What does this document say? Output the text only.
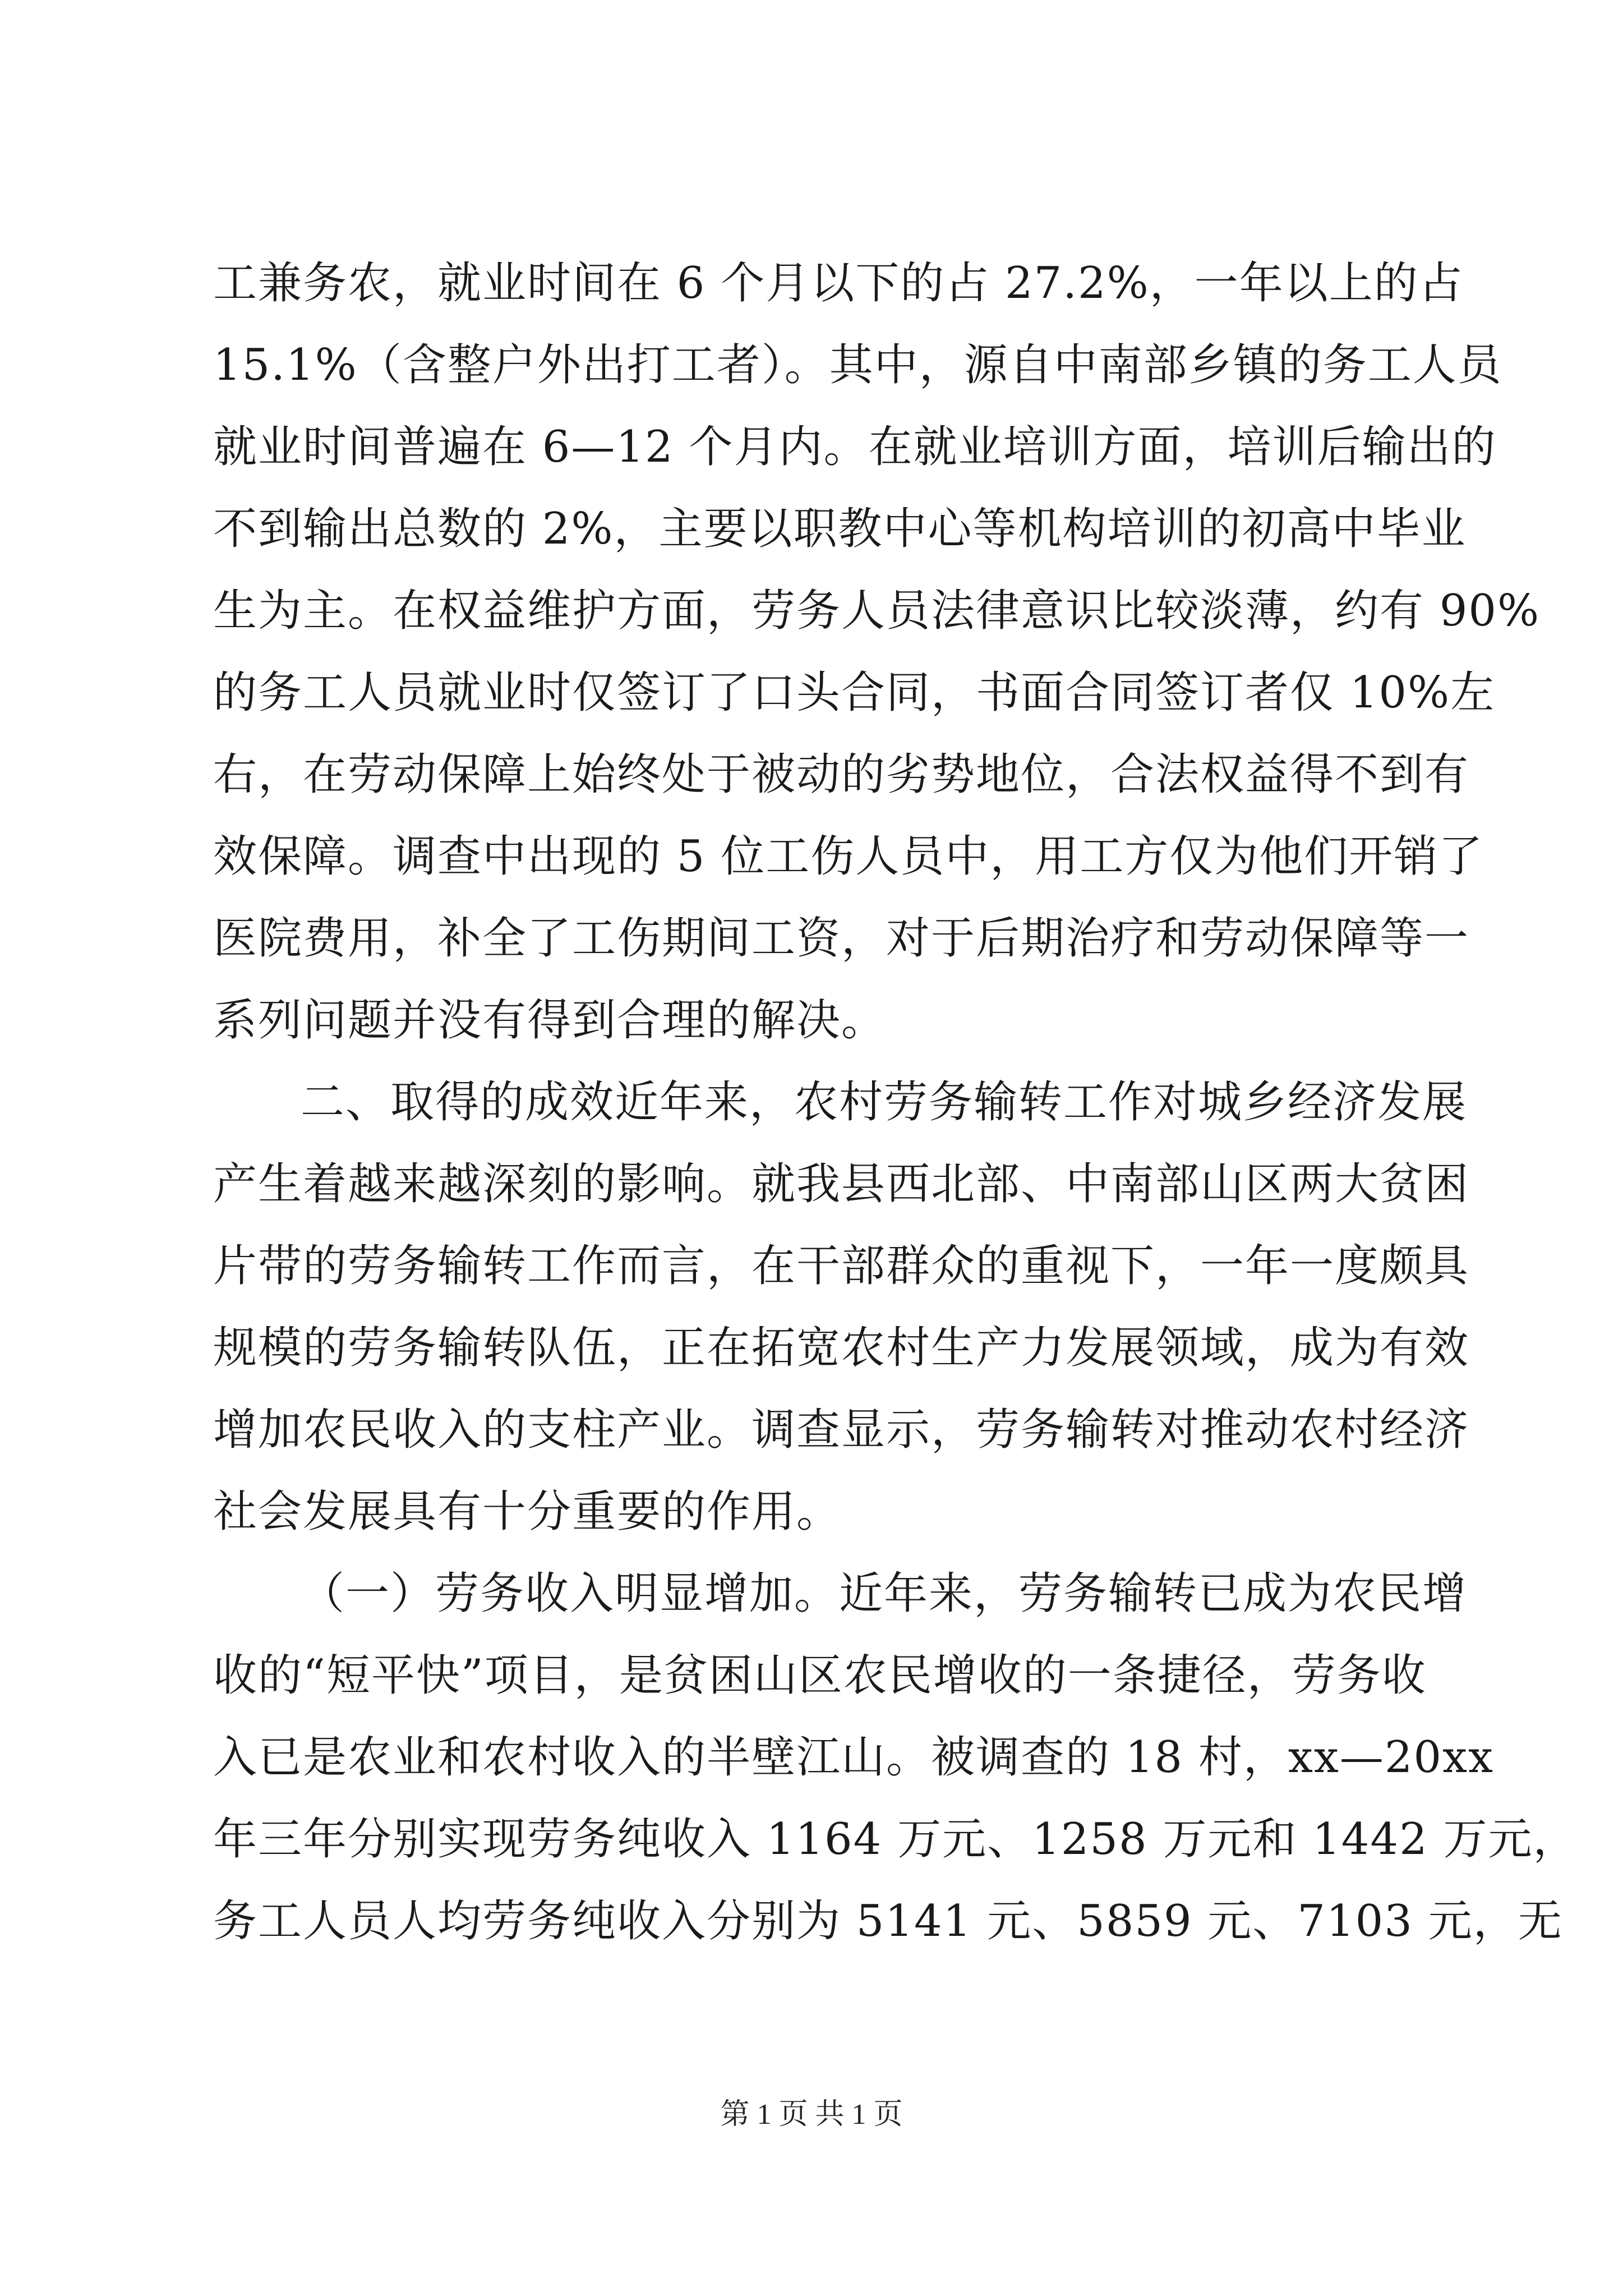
工兼务农，就业时间在 6 个月以下的占 27.2%，一年以上的占
15.1%（含整户外出打工者）。其中，源自中南部乡镇的务工人员
就业时间普遍在 6—12 个月内。在就业培训方面，培训后输出的
不到输出总数的 2%，主要以职教中心等机构培训的初高中毕业
生为主。在权益维护方面，劳务人员法律意识比较淡薄，约有 90%
的务工人员就业时仅签订了口头合同，书面合同签订者仅 10%左
右，在劳动保障上始终处于被动的劣势地位，合法权益得不到有
效保障。调查中出现的 5 位工伤人员中，用工方仅为他们开销了
医院费用，补全了工伤期间工资，对于后期治疗和劳动保障等一
系列问题并没有得到合理的解决。
二、取得的成效近年来，农村劳务输转工作对城乡经济发展
产生着越来越深刻的影响。就我县西北部、中南部山区两大贫困
片带的劳务输转工作而言，在干部群众的重视下，一年一度颇具
规模的劳务输转队伍，正在拓宽农村生产力发展领域，成为有效
增加农民收入的支柱产业。调查显示，劳务输转对推动农村经济
社会发展具有十分重要的作用。
（一）劳务收入明显增加。近年来，劳务输转已成为农民增
收的“短平快”项目，是贫困山区农民增收的一条捷径，劳务收
入已是农业和农村收入的半壁江山。被调查的 18 村，xx—20xx
年三年分别实现劳务纯收入 1164 万元、1258 万元和 1442 万元，
务工人员人均劳务纯收入分别为 5141 元、5859 元、7103 元，无
第 1 页 共 1 页
